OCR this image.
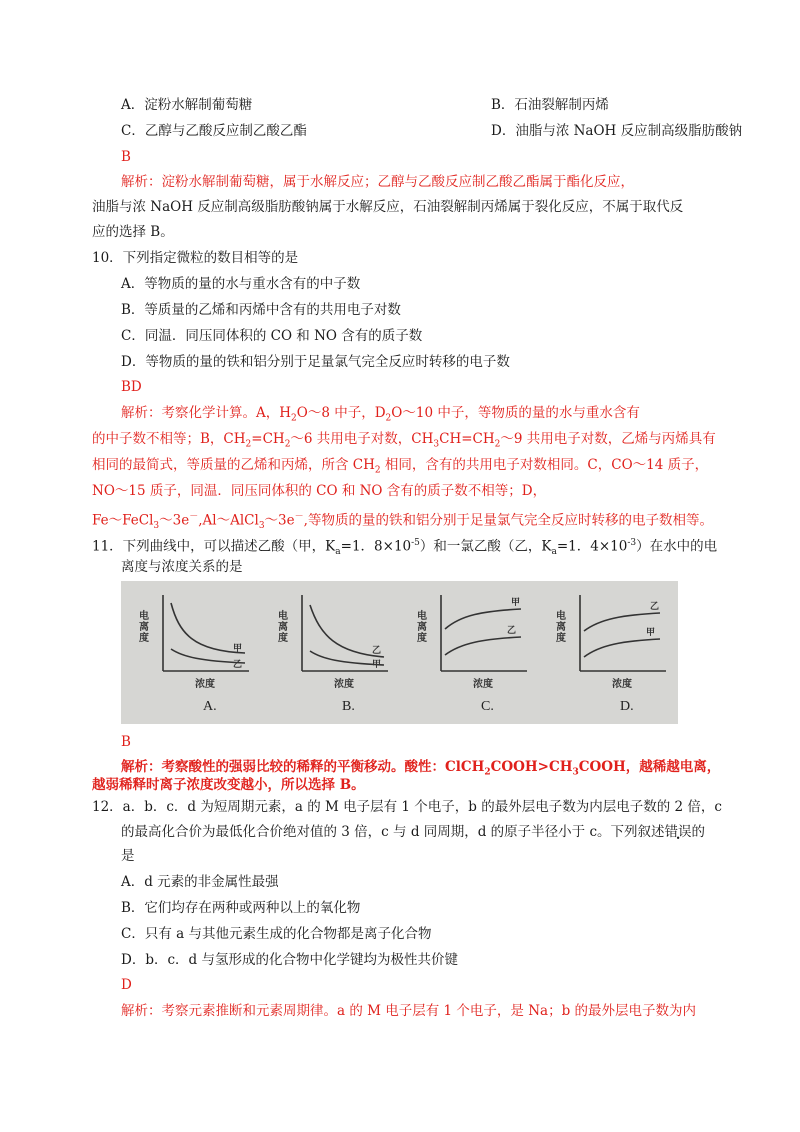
A．淀粉水解制葡萄糖	B．石油裂解制丙烯
C．乙醇与乙酸反应制乙酸乙酯	D．油脂与浓 NaOH 反应制高级脂肪酸钠
B
解析：淀粉水解制葡萄糖，属于水解反应；乙醇与乙酸反应制乙酸乙酯属于酯化反应，
油脂与浓 NaOH 反应制高级脂肪酸钠属于水解反应，石油裂解制丙烯属于裂化反应，不属于取代反
应的选择 B。
10．下列指定微粒的数目相等的是
A．等物质的量的水与重水含有的中子数
B．等质量的乙烯和丙烯中含有的共用电子对数
C．同温．同压同体积的 CO 和 NO 含有的质子数
D．等物质的量的铁和铝分别于足量氯气完全反应时转移的电子数
BD
解析：考察化学计算。A，$H_2O\sim 8$ 中子，$D_2O\sim 10$ 中子，等物质的量的水与重水含有
的中子数不相等；B，$CH_2=CH_2\sim 6$ 共用电子对数，$CH_3CH=CH_2\sim 9$ 共用电子对数，乙烯与丙烯具有
相同的最简式，等质量的乙烯和丙烯，所含 $CH_2$ 相同，含有的共用电子对数相同。C，CO～14 质子，
NO～15 质子，同温．同压同体积的 CO 和 NO 含有的质子数不相等；D，
Fe～FeCl$_3$～3e－,Al～AlCl$_3$～3e－,等物质的量的铁和铝分别于足量氯气完全反应时转移的电子数相等。
11．下列曲线中，可以描述乙酸（甲，$K_a=1$．$8\times 10^{-5}$）和一氯乙酸（乙，$K_a=1$．$4\times 10^{-3}$）在水中的电
离度与浓度关系的是
电离度
甲
乙
浓度
A.
电离度
乙
甲
浓度
B.
电离度
甲
乙
浓度
C.
电离度
乙
甲
浓度
D.
B
解析：考察酸性的强弱比较的稀释的平衡移动。酸性：$ClCH_2COOH>CH_3COOH$，越稀越电离，
越弱稀释时离子浓度改变越小，所以选择 B。
12．a．b．c．d 为短周期元素，a 的 M 电子层有 1 个电子，b 的最外层电子数为内层电子数的 2 倍，c
的最高化合价为最低化合价绝对值的 3 倍，c 与 d 同周期，d 的原子半径小于 c。下列叙述错误的
是
A．d 元素的非金属性最强
B．它们均存在两种或两种以上的氧化物
C．只有 a 与其他元素生成的化合物都是离子化合物
D．b．c．d 与氢形成的化合物中化学键均为极性共价键
D
解析：考察元素推断和元素周期律。a 的 M 电子层有 1 个电子，是 Na；b 的最外层电子数为内
